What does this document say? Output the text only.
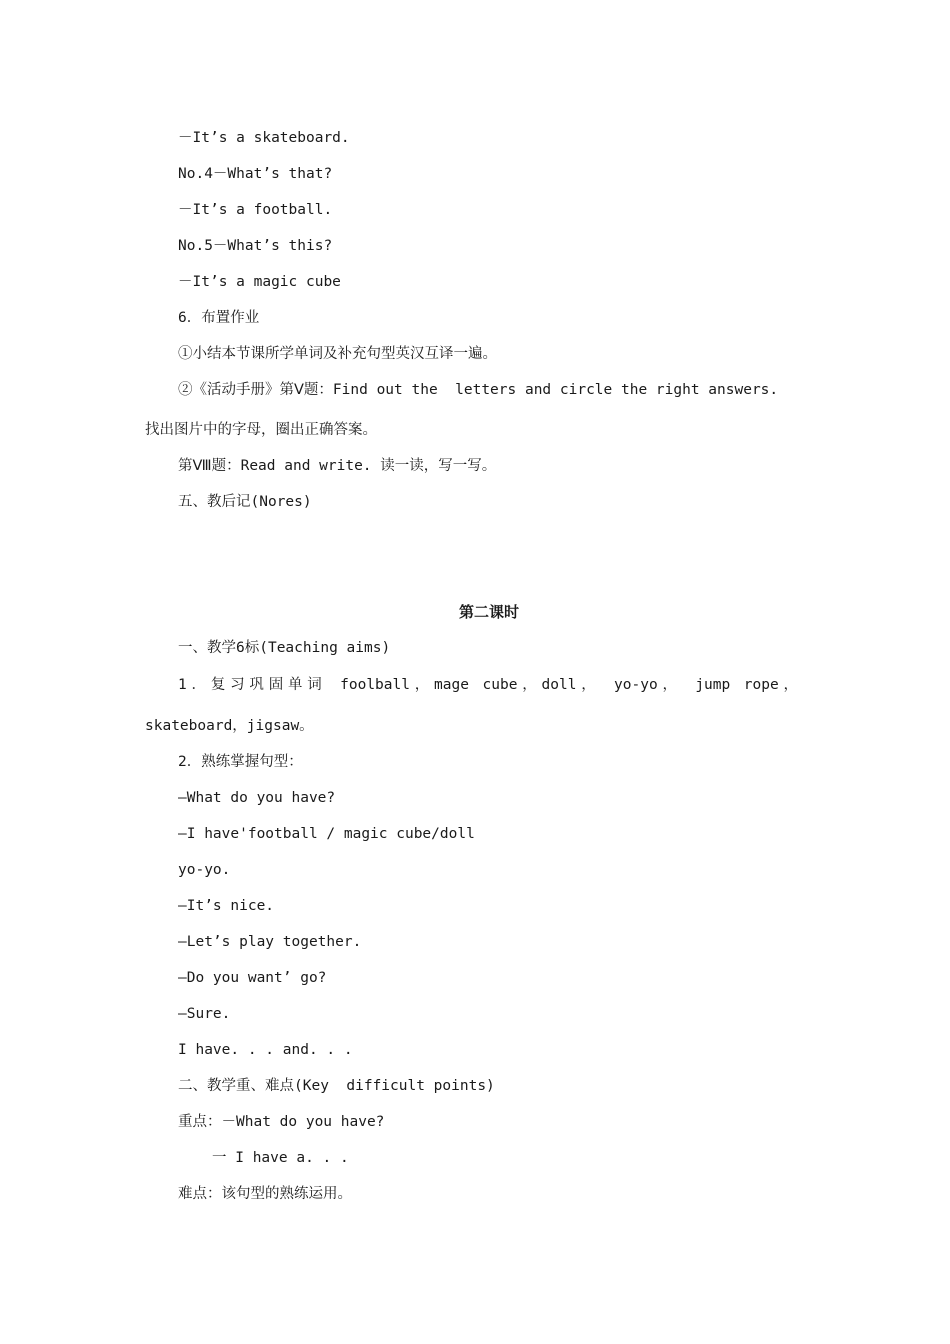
－It’s a skateboard.
No.4－What’s that?
－It’s a football.
No.5－What’s this?
－It’s a magic cube
6．布置作业
①小结本节课所学单词及补充句型英汉互译一遍。
②《活动手册》第Ⅴ题：Find out the  letters and circle the right answers.
找出图片中的字母，圈出正确答案。
第Ⅷ题：Read and write. 读一读，写一写。
五、教后记(Nores)
第二课时
一、教学6标(Teaching aims)
1．复习巩固单词 foolball，mage cube，doll， yo-yo， jump rope，
skateboard，jigsaw。
2．熟练掌握句型：
—What do you have?
—I have'football / magic cube/doll
yo-yo.
—It’s nice.
—Let’s play together.
—Do you want’ go?
—Sure.
I have. . . and. . .
二、教学重、难点(Key  difficult points)
重点：－What do you have?
一 I have a. . .
难点：该句型的熟练运用。
